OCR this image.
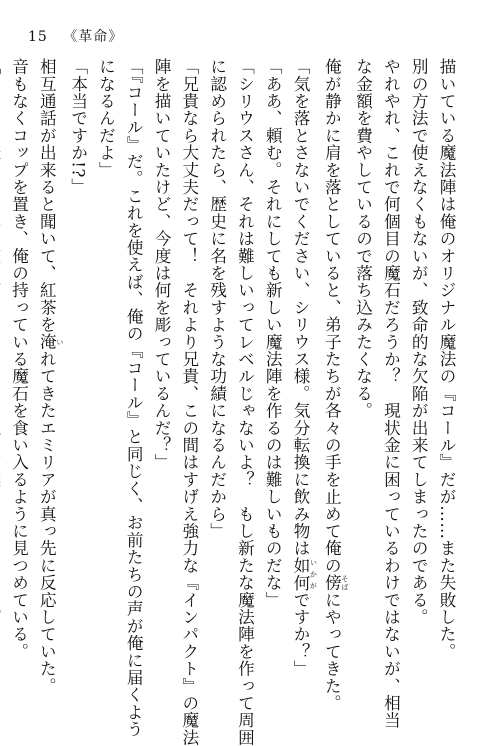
15 《革命》
描いている魔法陣は俺のオリジナル魔法の『コール』だが……また失敗した。
別の方法で使えなくもないが、致命的な欠陥が出来てしまったのである。
やれやれ、これで何個目の魔石だろうか？　現状金に困っているわけではないが、相当
な金額を費やしているので落ち込みたくなる。
俺が静かに肩を落としていると、弟子たちが各々の手を止めて俺の傍 そばにやってきた。
「気を落とさないでください、シリウス様。気分転換に飲み物は如何 いかがですか？」
「ああ、頼む。それにしても新しい魔法陣を作るのは難しいものだな」
「シリウスさん、それは難しいってレベルじゃないよ？　もし新たな魔法陣を作って周囲
に認められたら、歴史に名を残すような功績になるんだから」
「兄貴なら大丈夫だって！　それより兄貴、この間はすげえ強力な『インパクト』の魔法
陣を描いていたけど、今度は何を彫っているんだ？」
「『コール』だ。これを使えば、俺の『コール』と同じく、お前たちの声が俺に届くよう
になるんだよ」
「本当ですか!?」
相互通話が出来ると聞いて、紅茶を淹 いれてきたエミリアが真っ先に反応していた。
音もなくコップを置き、俺の持っている魔石を食い入るように見つめている。
